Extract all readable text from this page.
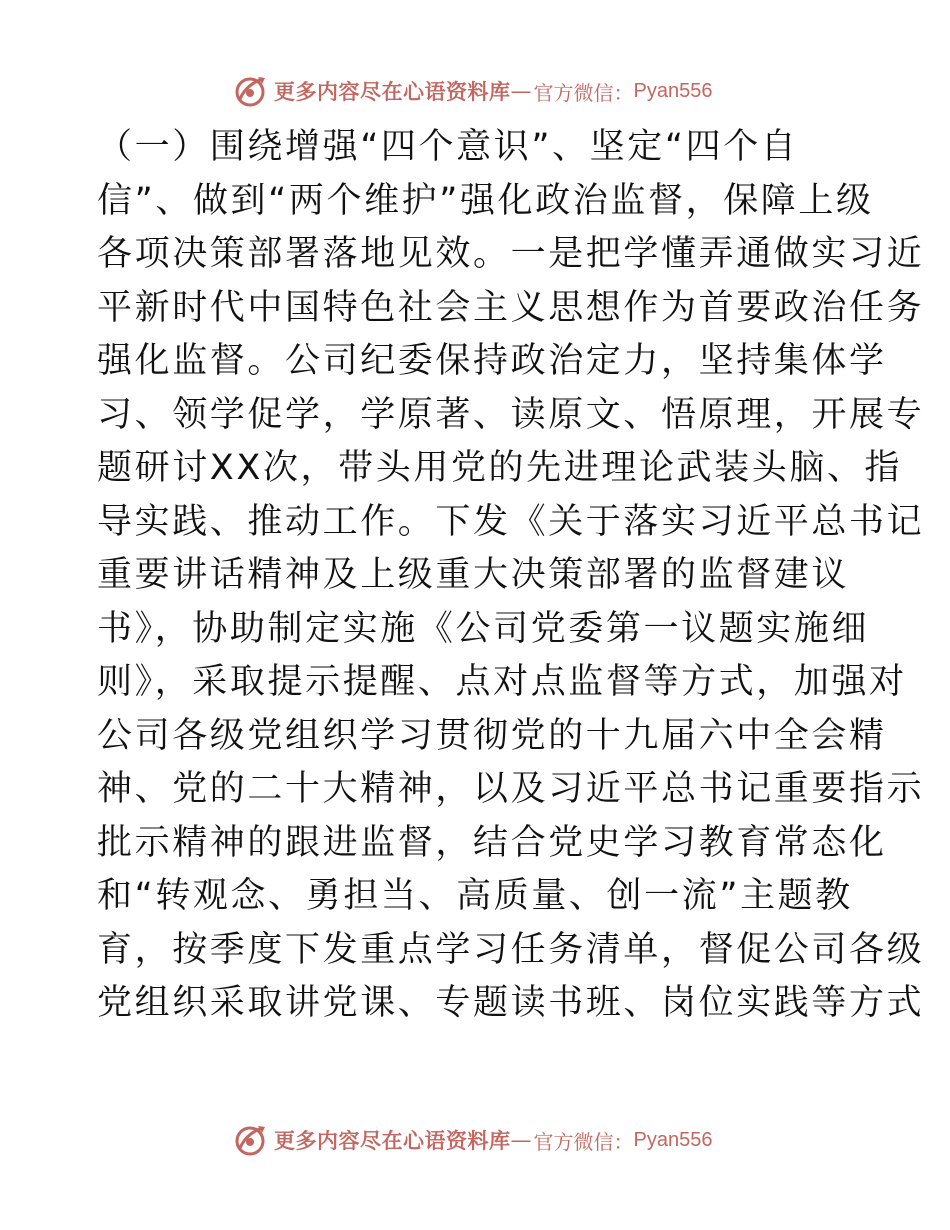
更多内容尽在心语资料库 — 官方微信： Pyan556
（一）围绕增强“四个意识”、坚定“四个自
信”、做到“两个维护”强化政治监督，保障上级
各项决策部署落地见效。一是把学懂弄通做实习近
平新时代中国特色社会主义思想作为首要政治任务
强化监督。公司纪委保持政治定力，坚持集体学
习、领学促学，学原著、读原文、悟原理，开展专
题研讨XX次，带头用党的先进理论武装头脑、指
导实践、推动工作。下发《关于落实习近平总书记
重要讲话精神及上级重大决策部署的监督建议
书》，协助制定实施《公司党委第一议题实施细
则》，采取提示提醒、点对点监督等方式，加强对
公司各级党组织学习贯彻党的十九届六中全会精
神、党的二十大精神，以及习近平总书记重要指示
批示精神的跟进监督，结合党史学习教育常态化
和“转观念、勇担当、高质量、创一流”主题教
育，按季度下发重点学习任务清单，督促公司各级
党组织采取讲党课、专题读书班、岗位实践等方式
更多内容尽在心语资料库 — 官方微信： Pyan556
